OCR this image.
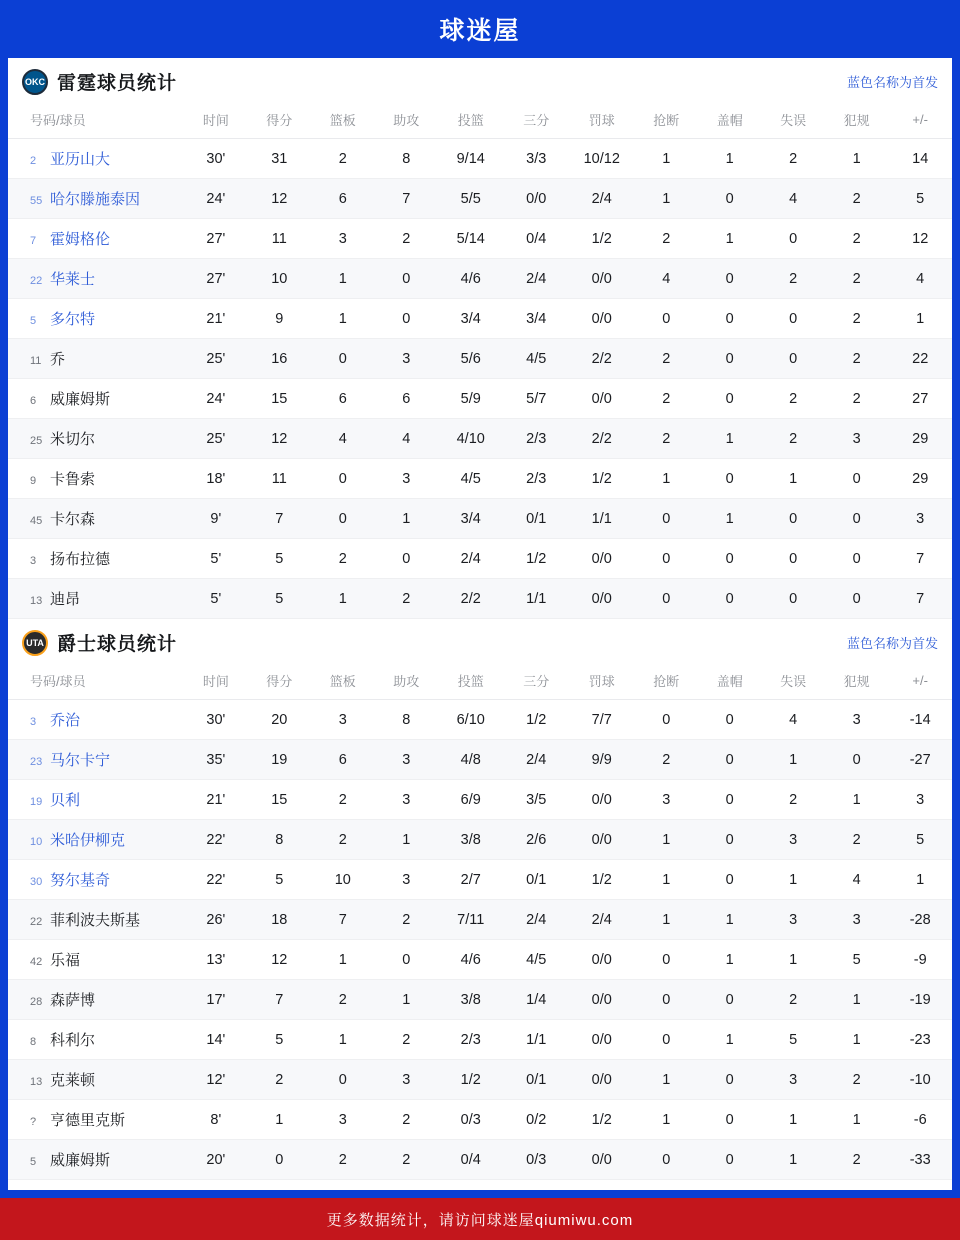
球迷屋
OKC 雷霆球员统计	蓝色名称为首发
号码/球员	时间	得分	篮板	助攻	投篮	三分	罚球	抢断	盖帽	失误	犯规	+/-
2 亚历山大	30'	31	2	8	9/14	3/3	10/12	1	1	2	1	14
55 哈尔滕施泰因	24'	12	6	7	5/5	0/0	2/4	1	0	4	2	5
7 霍姆格伦	27'	11	3	2	5/14	0/4	1/2	2	1	0	2	12
22 华莱士	27'	10	1	0	4/6	2/4	0/0	4	0	2	2	4
5 多尔特	21'	9	1	0	3/4	3/4	0/0	0	0	0	2	1
11 乔	25'	16	0	3	5/6	4/5	2/2	2	0	0	2	22
6 威廉姆斯	24'	15	6	6	5/9	5/7	0/0	2	0	2	2	27
25 米切尔	25'	12	4	4	4/10	2/3	2/2	2	1	2	3	29
9 卡鲁索	18'	11	0	3	4/5	2/3	1/2	1	0	1	0	29
45 卡尔森	9'	7	0	1	3/4	0/1	1/1	0	1	0	0	3
3 扬布拉德	5'	5	2	0	2/4	1/2	0/0	0	0	0	0	7
13 迪昂	5'	5	1	2	2/2	1/1	0/0	0	0	0	0	7
UTA 爵士球员统计	蓝色名称为首发
号码/球员	时间	得分	篮板	助攻	投篮	三分	罚球	抢断	盖帽	失误	犯规	+/-
3 乔治	30'	20	3	8	6/10	1/2	7/7	0	0	4	3	-14
23 马尔卡宁	35'	19	6	3	4/8	2/4	9/9	2	0	1	0	-27
19 贝利	21'	15	2	3	6/9	3/5	0/0	3	0	2	1	3
10 米哈伊柳克	22'	8	2	1	3/8	2/6	0/0	1	0	3	2	5
30 努尔基奇	22'	5	10	3	2/7	0/1	1/2	1	0	1	4	1
22 菲利波夫斯基	26'	18	7	2	7/11	2/4	2/4	1	1	3	3	-28
42 乐福	13'	12	1	0	4/6	4/5	0/0	0	1	1	5	-9
28 森萨博	17'	7	2	1	3/8	1/4	0/0	0	0	2	1	-19
8 科利尔	14'	5	1	2	2/3	1/1	0/0	0	1	5	1	-23
13 克莱顿	12'	2	0	3	1/2	0/1	0/0	1	0	3	2	-10
? 亨德里克斯	8'	1	3	2	0/3	0/2	1/2	1	0	1	1	-6
5 威廉姆斯	20'	0	2	2	0/4	0/3	0/0	0	0	1	2	-33
更多数据统计，请访问球迷屋qiumiwu.com
